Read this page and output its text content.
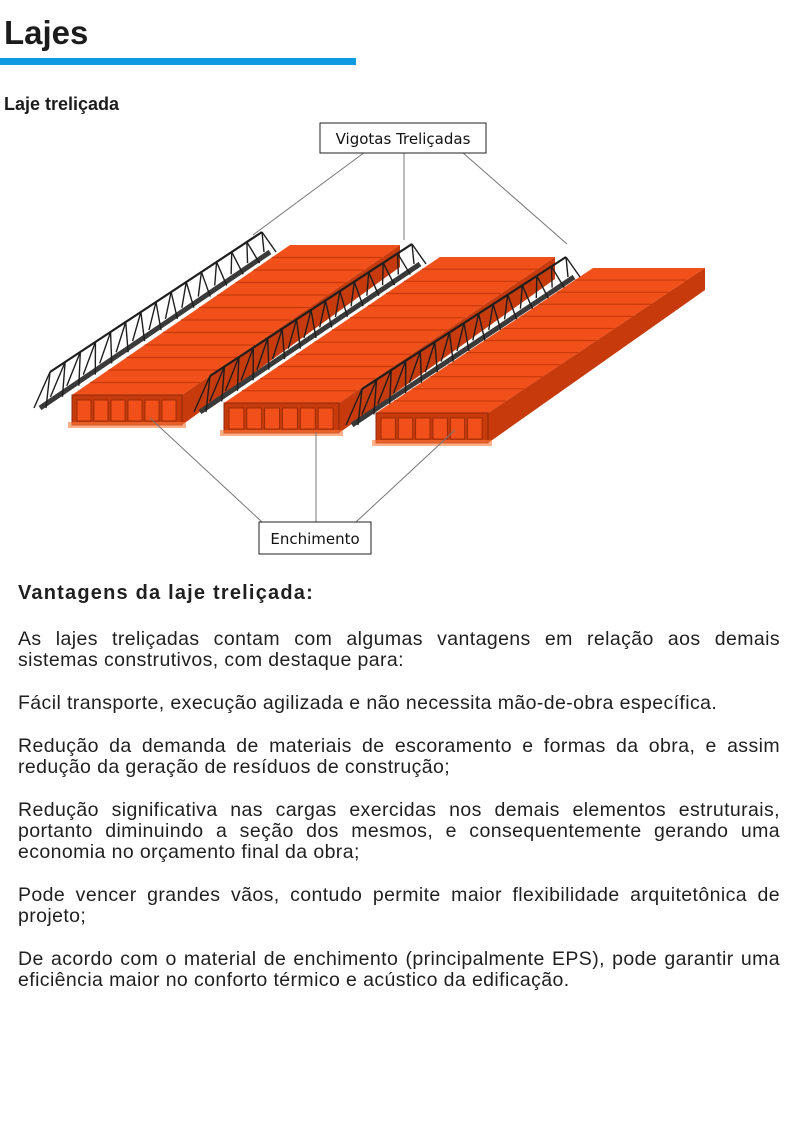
Lajes
Laje treliçada
Vigotas Treliçadas
Enchimento
Vantagens da laje treliçada:

As lajes treliçadas contam com algumas vantagens em relação aos demais sistemas construtivos, com destaque para:

Fácil transporte, execução agilizada e não necessita mão-de-obra específica.

Redução da demanda de materiais de escoramento e formas da obra, e assim redução da geração de resíduos de construção;

Redução significativa nas cargas exercidas nos demais elementos estruturais, portanto diminuindo a seção dos mesmos, e consequentemente gerando uma economia no orçamento final da obra;

Pode vencer grandes vãos, contudo permite maior flexibilidade arquitetônica de projeto;

De acordo com o material de enchimento (principalmente EPS), pode garantir uma eficiência maior no conforto térmico e acústico da edificação.
